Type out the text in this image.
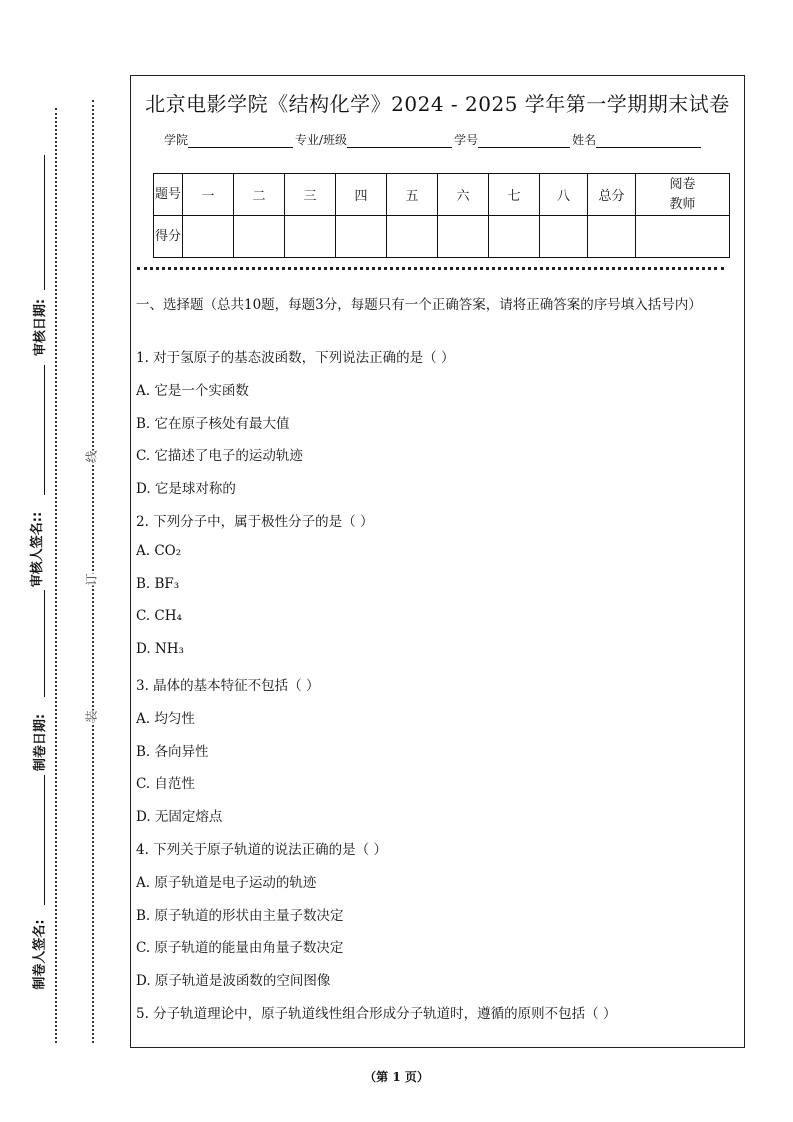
审核日期:
审核人签名::
制卷日期:
制卷人签名:
线
订
装
北京电影学院《结构化学》2024 - 2025 学年第一学期期末试卷
学院	专业/班级	学号	姓名
题号	一	二	三	四	五	六	七	八	总分	阅卷教师
得分										
一、选择题（总共10题，每题3分，每题只有一个正确答案，请将正确答案的序号填入括号内）
1. 对于氢原子的基态波函数，下列说法正确的是（ ）
A. 它是一个实函数
B. 它在原子核处有最大值
C. 它描述了电子的运动轨迹
D. 它是球对称的
2. 下列分子中，属于极性分子的是（ ）
A. CO₂
B. BF₃
C. CH₄
D. NH₃
3. 晶体的基本特征不包括（ ）
A. 均匀性
B. 各向异性
C. 自范性
D. 无固定熔点
4. 下列关于原子轨道的说法正确的是（ ）
A. 原子轨道是电子运动的轨迹
B. 原子轨道的形状由主量子数决定
C. 原子轨道的能量由角量子数决定
D. 原子轨道是波函数的空间图像
5. 分子轨道理论中，原子轨道线性组合形成分子轨道时，遵循的原则不包括（ ）
（第 1 页）
